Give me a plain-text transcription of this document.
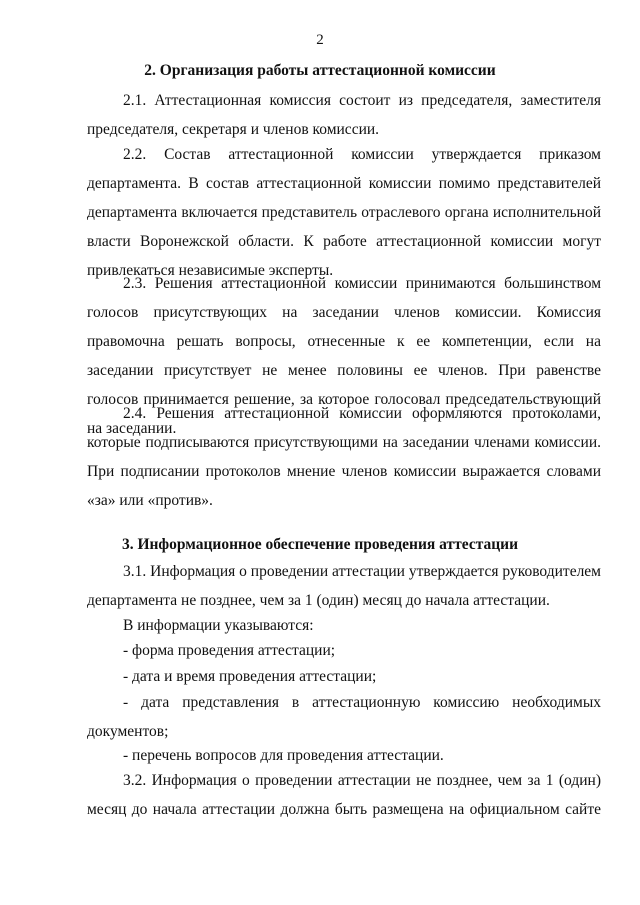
2
2. Организация работы аттестационной комиссии
2.1. Аттестационная комиссия состоит из председателя, заместителя председателя, секретаря и членов комиссии.
2.2. Состав аттестационной комиссии утверждается приказом департамента. В состав аттестационной комиссии помимо представителей департамента включается представитель отраслевого органа исполнительной власти Воронежской области. К работе аттестационной комиссии могут привлекаться независимые эксперты.
2.3. Решения аттестационной комиссии принимаются большинством голосов присутствующих на заседании членов комиссии. Комиссия правомочна решать вопросы, отнесенные к ее компетенции, если на заседании присутствует не менее половины ее членов. При равенстве голосов принимается решение, за которое голосовал председательствующий на заседании.
2.4. Решения аттестационной комиссии оформляются протоколами, которые подписываются присутствующими на заседании членами комиссии. При подписании протоколов мнение членов комиссии выражается словами «за» или «против».
3. Информационное обеспечение проведения аттестации
3.1. Информация о проведении аттестации утверждается руководителем департамента не позднее, чем за 1 (один) месяц до начала аттестации.
В информации указываются:
- форма проведения аттестации;
- дата и время проведения аттестации;
- дата представления в аттестационную комиссию необходимых документов;
- перечень вопросов для проведения аттестации.
3.2. Информация о проведении аттестации не позднее, чем за 1 (один) месяц до начала аттестации должна быть размещена на официальном сайте
